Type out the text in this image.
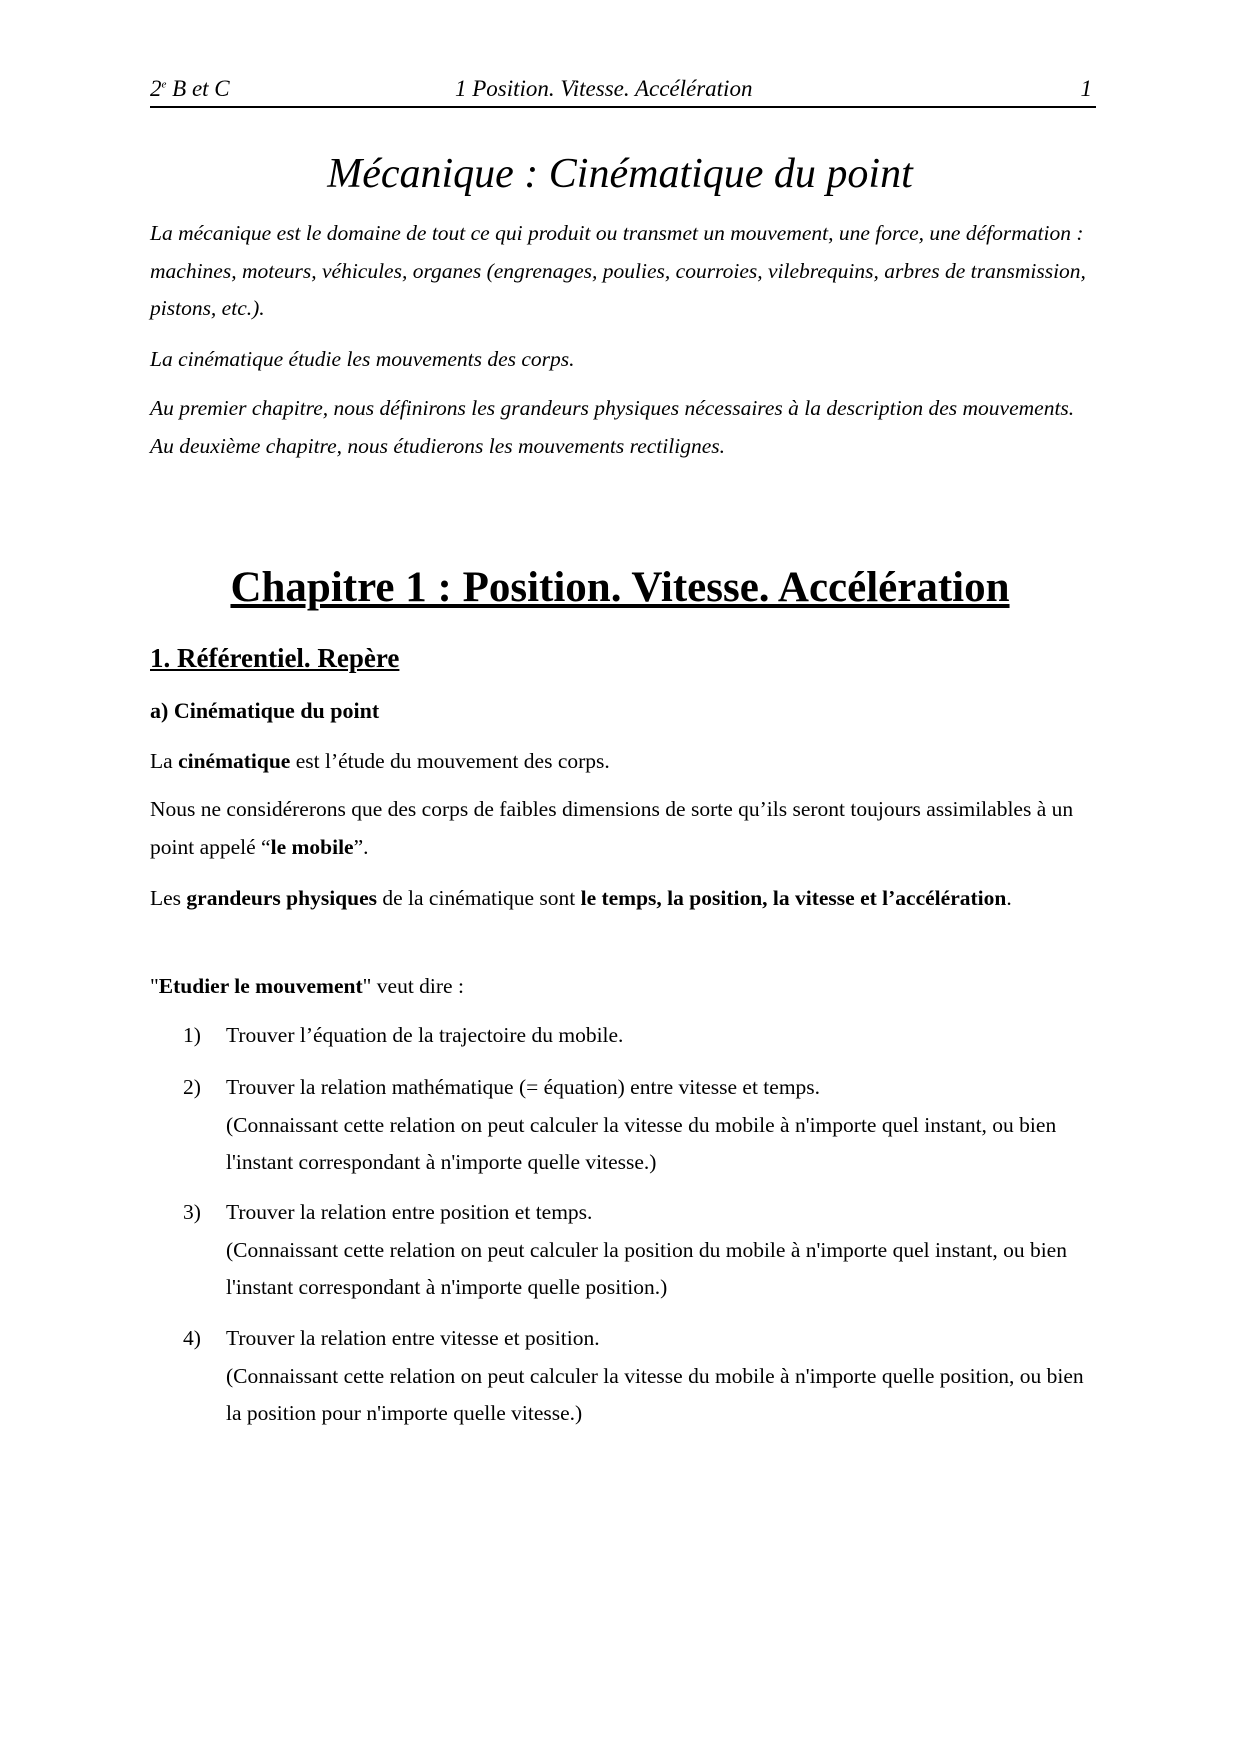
2e B et C	1 Position. Vitesse. Accélération	1
Mécanique : Cinématique du point
La mécanique est le domaine de tout ce qui produit ou transmet un mouvement, une force, une déformation : machines, moteurs, véhicules, organes (engrenages, poulies, courroies, vilebrequins, arbres de transmission, pistons, etc.).
La cinématique étudie les mouvements des corps.
Au premier chapitre, nous définirons les grandeurs physiques nécessaires à la description des mouvements. Au deuxième chapitre, nous étudierons les mouvements rectilignes.
Chapitre 1 : Position. Vitesse. Accélération
1. Référentiel. Repère
a) Cinématique du point
La cinématique est l’étude du mouvement des corps.
Nous ne considérerons que des corps de faibles dimensions de sorte qu’ils seront toujours assimilables à un point appelé “le mobile”.
Les grandeurs physiques de la cinématique sont le temps, la position, la vitesse et l’accélération.
"Etudier le mouvement" veut dire :
1) Trouver l’équation de la trajectoire du mobile.
2) Trouver la relation mathématique (= équation) entre vitesse et temps.
(Connaissant cette relation on peut calculer la vitesse du mobile à n'importe quel instant, ou bien l'instant correspondant à n'importe quelle vitesse.)
3) Trouver la relation entre position et temps.
(Connaissant cette relation on peut calculer la position du mobile à n'importe quel instant, ou bien l'instant correspondant à n'importe quelle position.)
4) Trouver la relation entre vitesse et position.
(Connaissant cette relation on peut calculer la vitesse du mobile à n'importe quelle position, ou bien la position pour n'importe quelle vitesse.)
